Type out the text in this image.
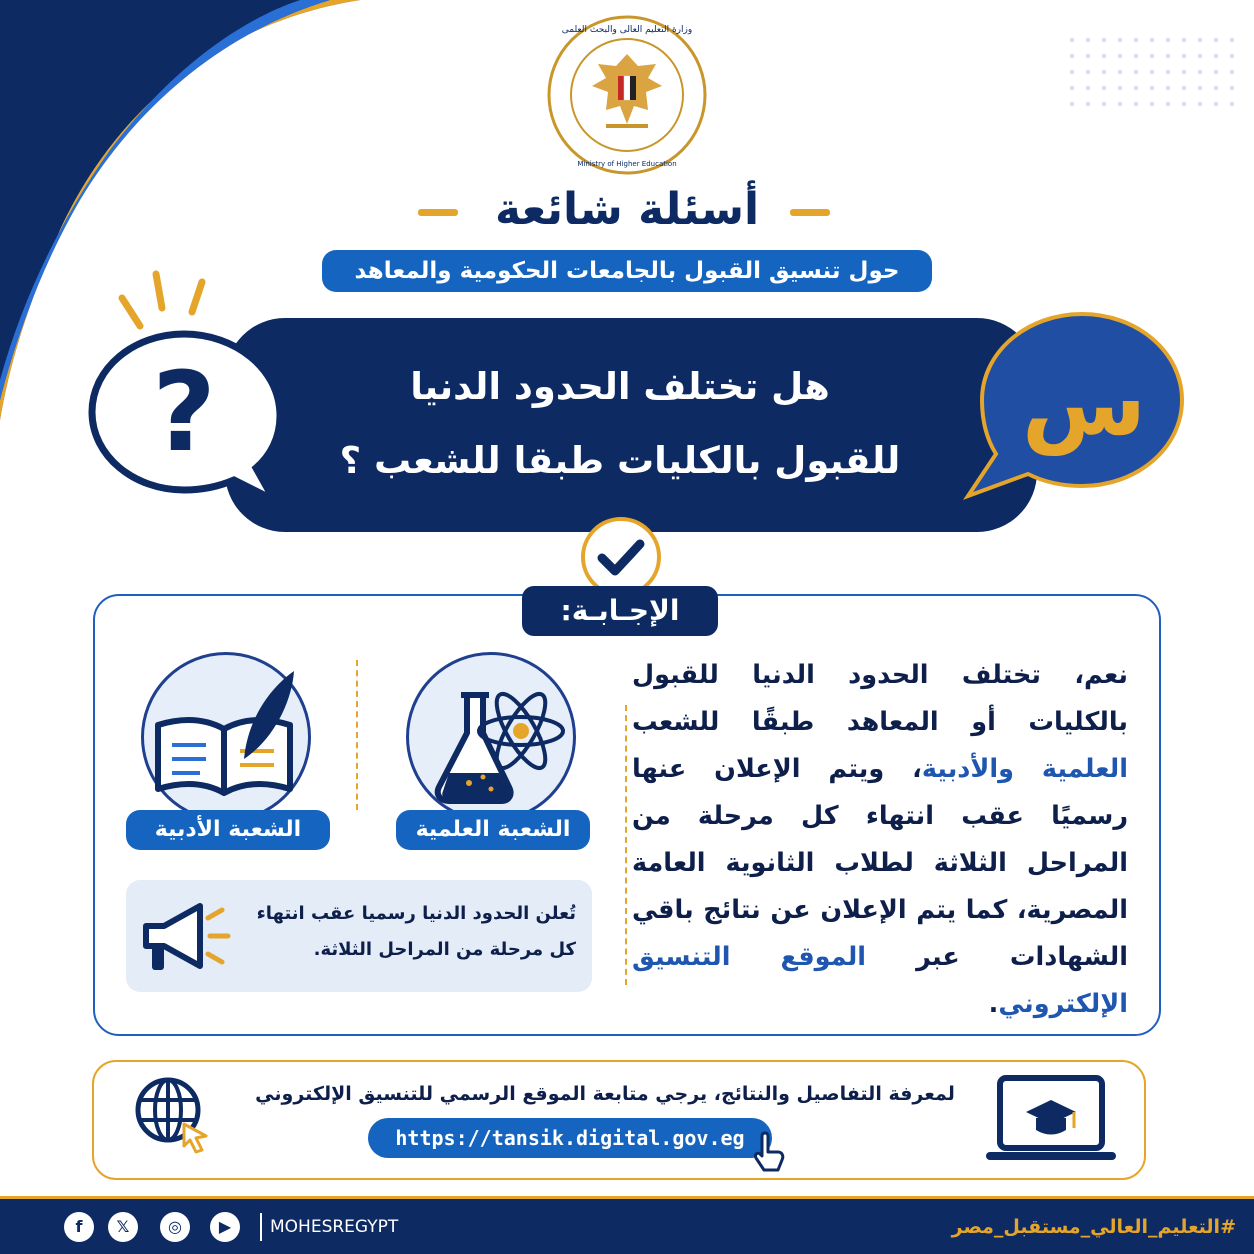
وزارة التعليم العالى والبحث العلمى
Ministry of Higher Education
أسئلة شائعة
حول تنسيق القبول بالجامعات الحكومية والمعاهد
?	هل تختلف الحدود الدنيا
للقبول بالكليات طبقا للشعب ؟
س
الإجـابـة:
نعم، تختلف الحدود الدنيا للقبول بالكليات أو المعاهد طبقًا للشعب العلمية والأدبية، ويتم الإعلان عنها رسميًا عقب انتهاء كل مرحلة من المراحل الثلاثة لطلاب الثانوية العامة المصرية، كما يتم الإعلان عن نتائج باقي الشهادات عبر الموقع التنسيق الإلكتروني.
الشعبة العلمية
الشعبة الأدبية
تُعلن الحدود الدنيا رسميا عقب انتهاء كل مرحلة من المراحل الثلاثة.
لمعرفة التفاصيل والنتائج، يرجي متابعة الموقع الرسمي للتنسيق الإلكتروني
https://tansik.digital.gov.eg
f	𝕏	◎	▶	MOHESREGYPT	#التعليم_العالي_مستقبل_مصر
